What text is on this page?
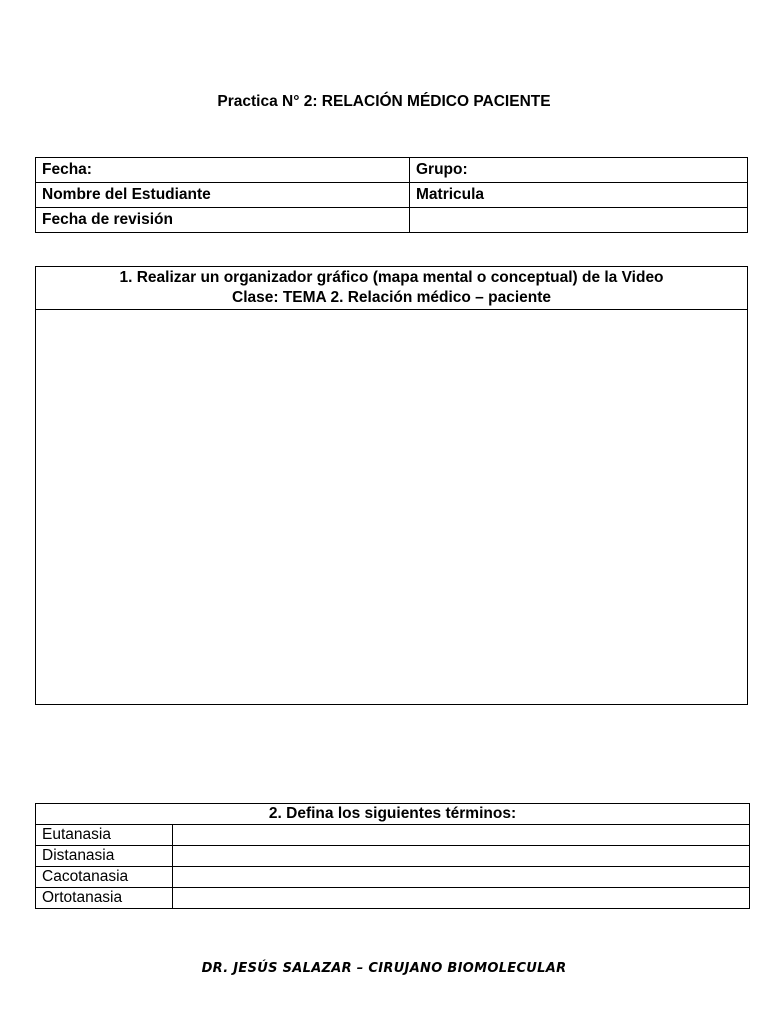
Practica N° 2: RELACIÓN MÉDICO PACIENTE
Fecha:	Grupo:
Nombre del Estudiante	Matricula
Fecha de revisión	
1. Realizar un organizador gráfico (mapa mental o conceptual) de la Video
Clase: TEMA 2. Relación médico – paciente

2. Defina los siguientes términos:	
Eutanasia	
Distanasia	
Cacotanasia	
Ortotanasia	
DR. JESÚS SALAZAR – CIRUJANO BIOMOLECULAR
